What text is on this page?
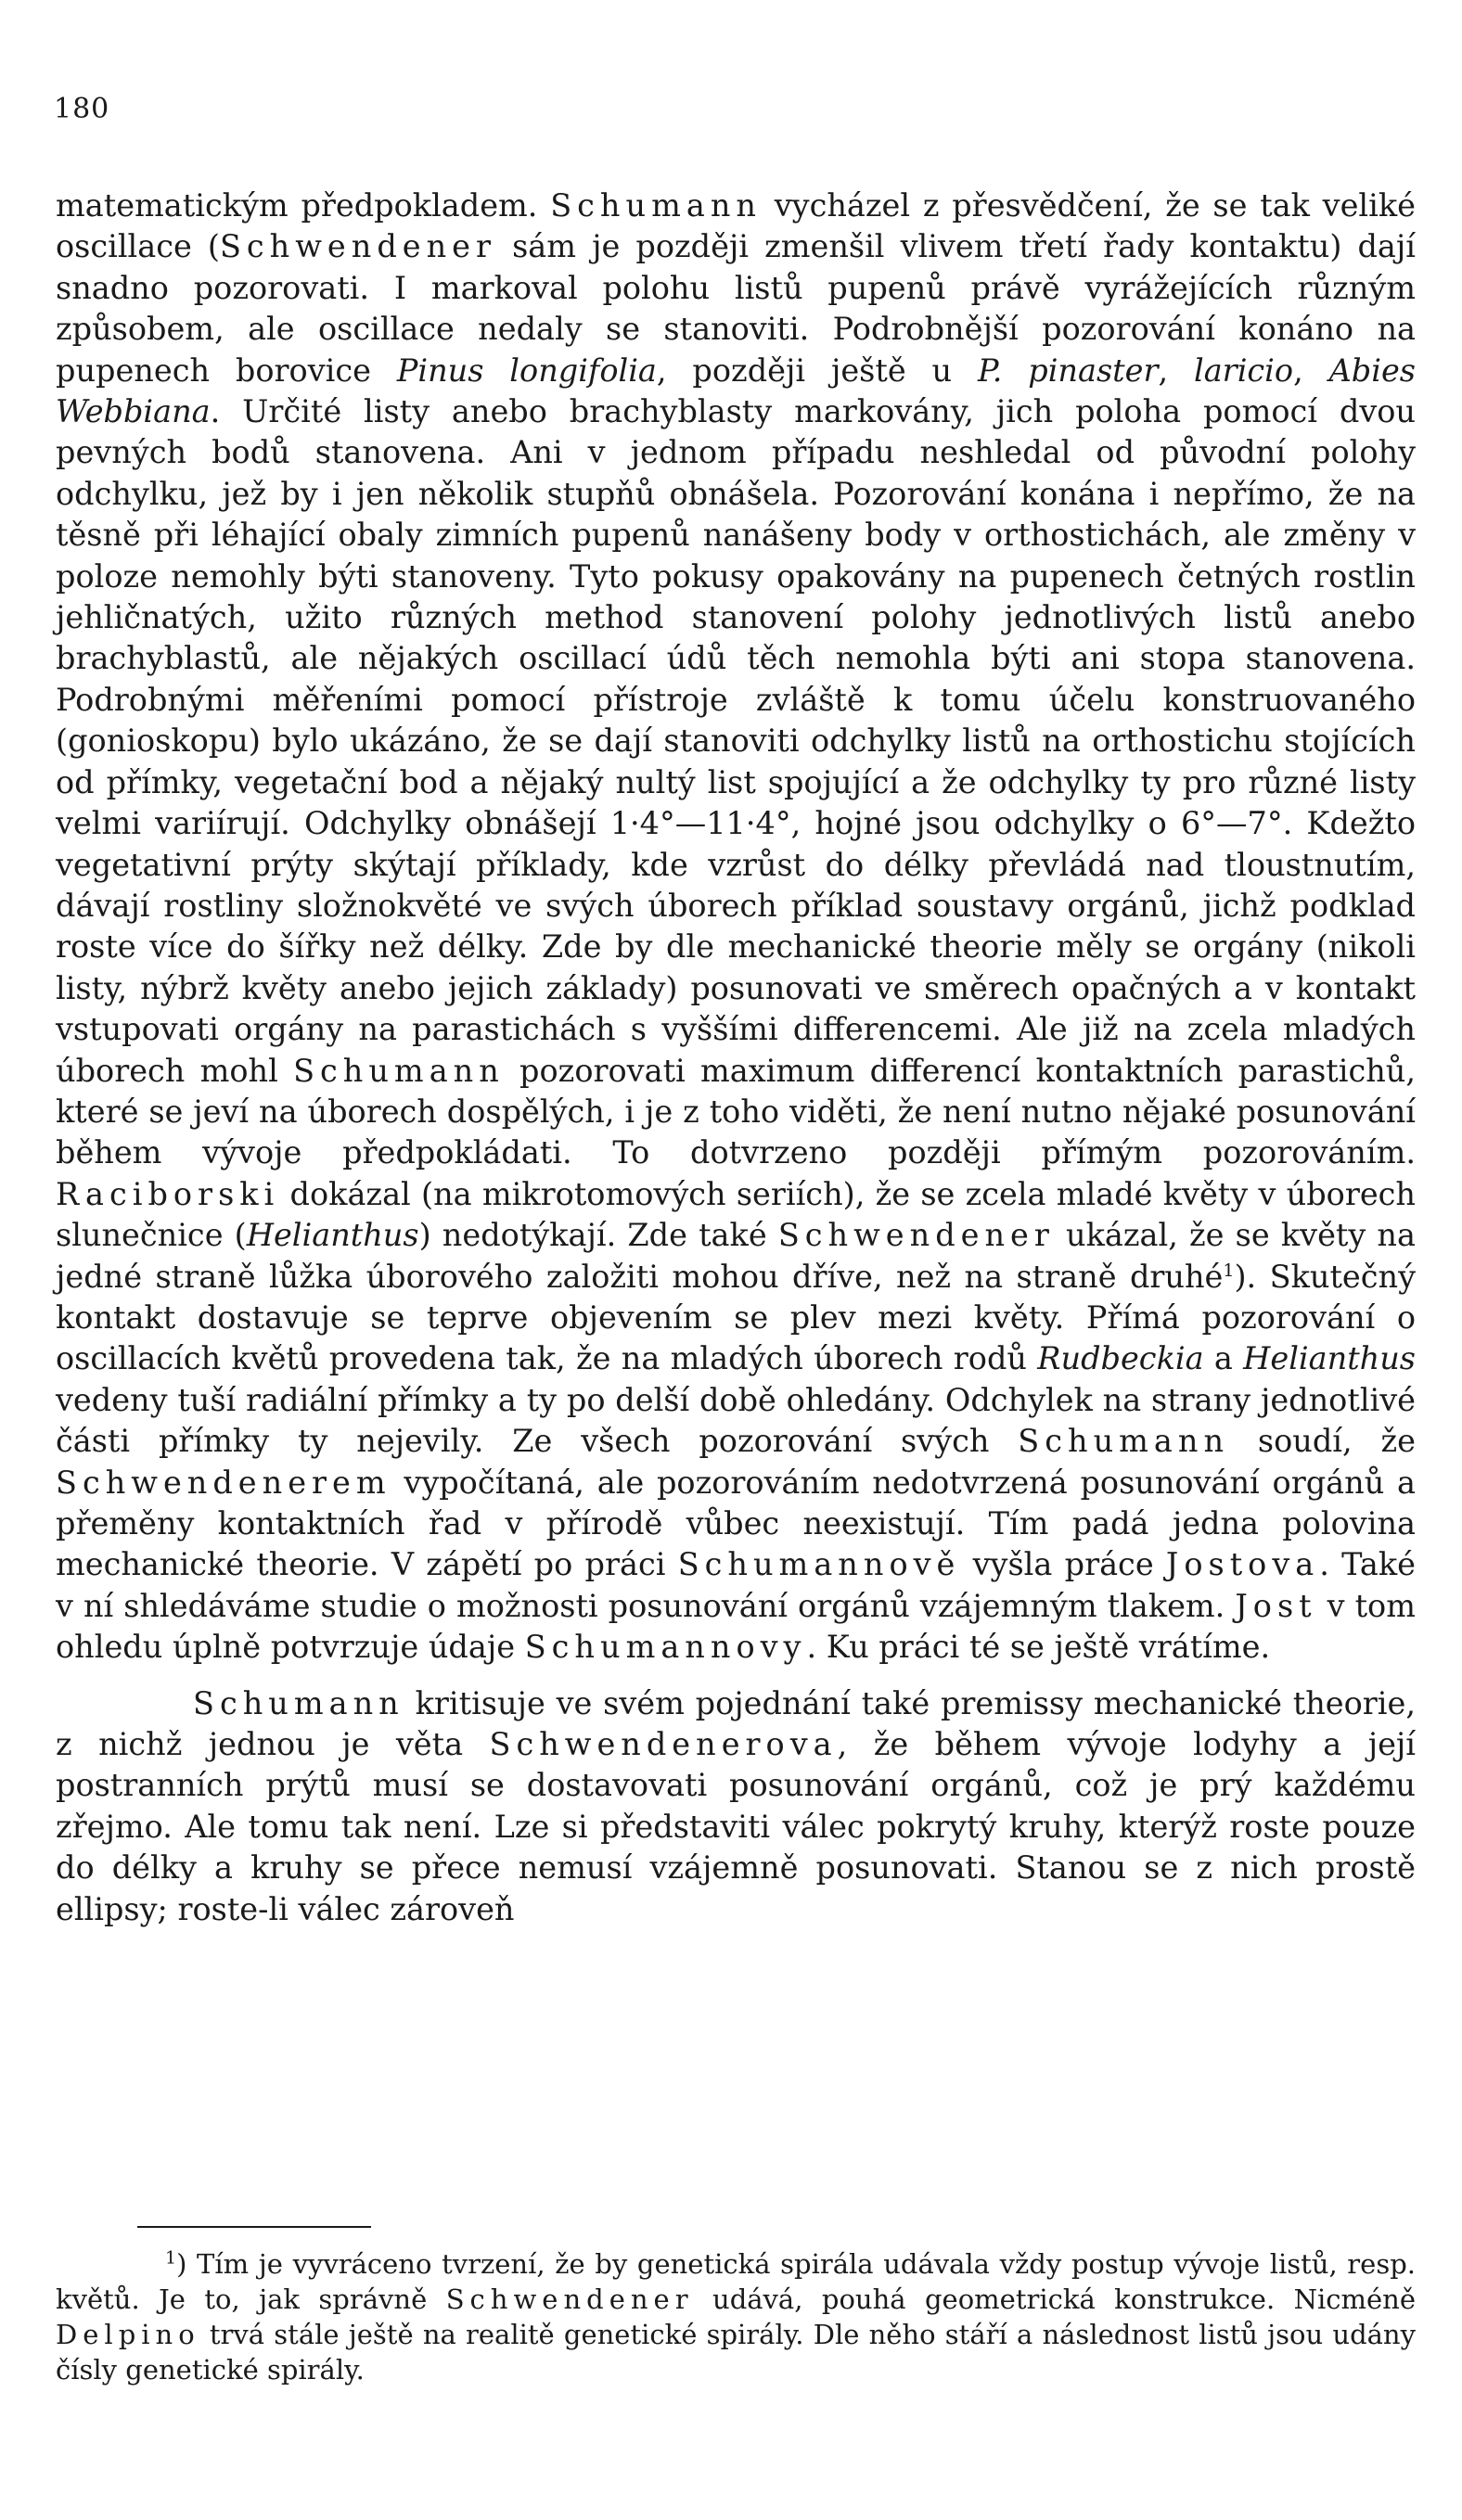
180

matematickým předpokladem. Schumann vycházel z přesvědčení, že se tak veliké oscillace (Schwendener sám je později zmenšil vlivem třetí řady kontaktu) dají snadno pozorovati. I markoval polohu listů pupenů právě vyrážejících různým způsobem, ale oscillace nedaly se stanoviti. Podrobnější pozorování konáno na pupenech borovice Pinus longifolia, později ještě u P. pinaster, laricio, Abies Webbiana. Určité listy anebo brachyblasty markovány, jich poloha pomocí dvou pevných bodů stanovena. Ani v jednom případu neshledal od původní polohy odchylku, jež by i jen několik stupňů obnášela. Pozorování konána i nepřímo, že na těsně při léhající obaly zimních pupenů nanášeny body v orthostichách, ale změny v poloze nemohly býti stanoveny. Tyto pokusy opakovány na pupenech četných rostlin jehličnatých, užito různých method stanovení polohy jednotlivých listů anebo brachyblastů, ale nějakých oscillací údů těch nemohla býti ani stopa stanovena. Podrobnými měřeními pomocí přístroje zvláště k tomu účelu konstruovaného (goniоskopu) bylo ukázáno, že se dají stanoviti odchylky listů na orthostichu stojících od přímky, vegetační bod a nějaký nultý list spojující a že odchylky ty pro různé listy velmi variírují. Odchylky obnášejí 1·4°—11·4°, hojné jsou odchylky o 6°—7°. Kdežto vegetativní prýty skýtají příklady, kde vzrůst do délky převládá nad tloustnutím, dávají rostliny složnokvěté ve svých úborech příklad soustavy orgánů, jichž podklad roste více do šířky než délky. Zde by dle mechanické theorie měly se orgány (nikoli listy, nýbrž květy anebo jejich základy) posunovati ve směrech opačných a v kontakt vstupovati orgány na parastichách s vyššími differencemi. Ale již na zcela mladých úborech mohl Schumann pozorovati maximum differencí kontaktních parastichů, které se jeví na úborech dospělých, i je z toho viděti, že není nutno nějaké posunování během vývoje předpokládati. To dotvrzeno později přímým pozorováním. Raciborski dokázal (na mikrotomových seriích), že se zcela mladé květy v úborech slunečnice (Helianthus) nedotýkají. Zde také Schwendener ukázal, že se květy na jedné straně lůžka úborového založiti mohou dříve, než na straně druhé$^1$). Skutečný kontakt dostavuje se teprve objevením se plev mezi květy. Přímá pozorování o oscillacích květů provedena tak, že na mladých úborech rodů Rudbeckia a Helianthus vedeny tuší radiální přímky a ty po delší době ohledány. Odchylek na strany jednotlivé části přímky ty nejevily. Ze všech pozorování svých Schumann soudí, že Schwendenerem vypočítaná, ale pozorováním nedotvrzená posunování orgánů a přeměny kontaktních řad v přírodě vůbec neexistují. Tím padá jedna polovina mechanické theorie. V zápětí po práci Schumannově vyšla práce Jostova. Také v ní shledáváme studie o možnosti posunování orgánů vzájemným tlakem. Jost v tom ohledu úplně potvrzuje údaje Schumannovy. Ku práci té se ještě vrátíme.

Schumann kritisuje ve svém pojednání také premissy mechanické theorie, z nichž jednou je věta Schwendenerova, že během vývoje lodyhy a její postranních prýtů musí se dostavovati posunování orgánů, což je prý každému zřejmo. Ale tomu tak není. Lze si představiti válec pokrytý kruhy, kterýž roste pouze do délky a kruhy se přece nemusí vzájemně posunovati. Stanou se z nich prostě ellipsy; roste-li válec zároveň

$^1$) Tím je vyvráceno tvrzení, že by genetická spirála udávala vždy postup vývoje listů, resp. květů. Je to, jak správně Schwendener udává, pouhá geometrická konstrukce. Nicméně Delpino trvá stále ještě na realitě genetické spirály. Dle něho stáří a následnost listů jsou udány čísly genetické spirály.
